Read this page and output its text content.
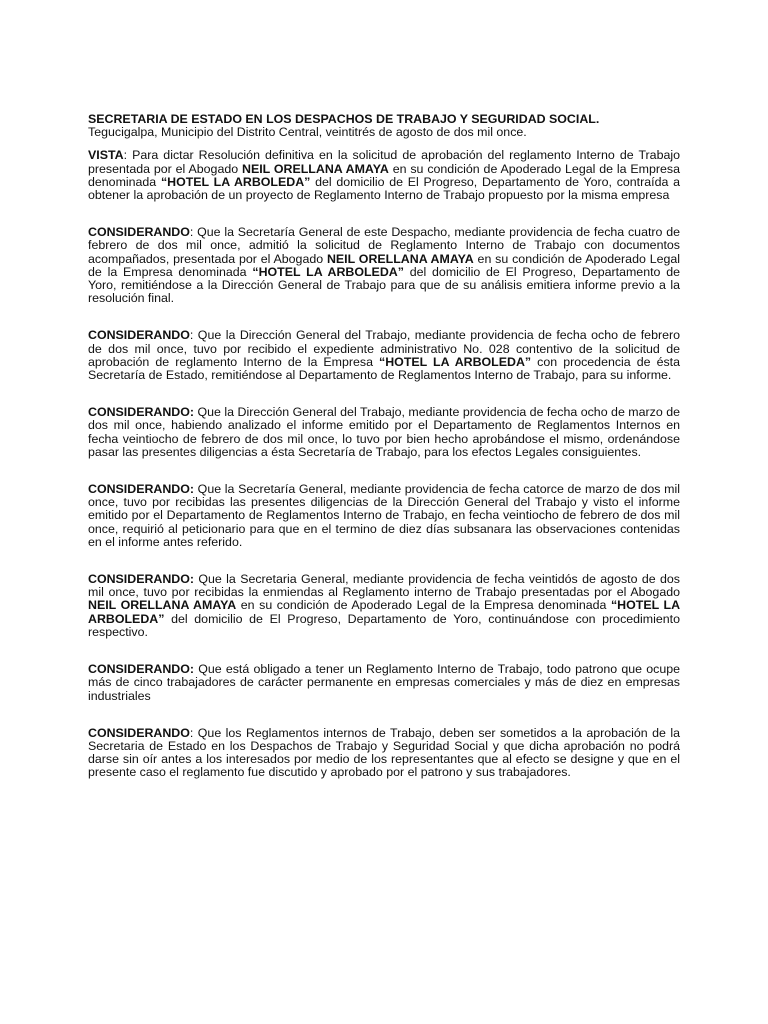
SECRETARIA DE ESTADO EN LOS DESPACHOS DE TRABAJO Y SEGURIDAD SOCIAL.
Tegucigalpa, Municipio del Distrito Central, veintitrés de agosto de dos mil once.

VISTA: Para dictar Resolución definitiva en la solicitud de aprobación del reglamento Interno de Trabajo presentada por el Abogado NEIL ORELLANA AMAYA en su condición de Apoderado Legal de la Empresa denominada “HOTEL LA ARBOLEDA” del domicilio de El Progreso, Departamento de Yoro, contraída a obtener la aprobación de un proyecto de Reglamento Interno de Trabajo propuesto por la misma empresa

CONSIDERANDO: Que la Secretaría General de este Despacho, mediante providencia de fecha cuatro de febrero de dos mil once, admitió la solicitud de Reglamento Interno de Trabajo con documentos acompañados, presentada por el Abogado NEIL ORELLANA AMAYA en su condición de Apoderado Legal de la Empresa denominada “HOTEL LA ARBOLEDA” del domicilio de El Progreso, Departamento de Yoro, remitiéndose a la Dirección General de Trabajo para que de su análisis emitiera informe previo a la resolución final.

CONSIDERANDO: Que la Dirección General del Trabajo, mediante providencia de fecha ocho de febrero de dos mil once, tuvo por recibido el expediente administrativo No. 028 contentivo de la solicitud de aprobación de reglamento Interno de la Empresa “HOTEL LA ARBOLEDA” con procedencia de ésta Secretaría de Estado, remitiéndose al Departamento de Reglamentos Interno de Trabajo, para su informe.

CONSIDERANDO: Que la Dirección General del Trabajo, mediante providencia de fecha ocho de marzo de dos mil once, habiendo analizado el informe emitido por el Departamento de Reglamentos Internos en fecha veintiocho de febrero de dos mil once, lo tuvo por bien hecho aprobándose el mismo, ordenándose pasar las presentes diligencias a ésta Secretaría de Trabajo, para los efectos Legales consiguientes.

CONSIDERANDO: Que la Secretaría General, mediante providencia de fecha catorce de marzo de dos mil once, tuvo por recibidas las presentes diligencias de la Dirección General del Trabajo y visto el informe emitido por el Departamento de Reglamentos Interno de Trabajo, en fecha veintiocho de febrero de dos mil once, requirió al peticionario para que en el termino de diez días subsanara las observaciones contenidas en el informe antes referido.

CONSIDERANDO: Que la Secretaria General, mediante providencia de fecha veintidós de agosto de dos mil once, tuvo por recibidas la enmiendas al Reglamento interno de Trabajo presentadas por el Abogado NEIL ORELLANA AMAYA en su condición de Apoderado Legal de la Empresa denominada “HOTEL LA ARBOLEDA” del domicilio de El Progreso, Departamento de Yoro, continuándose con procedimiento respectivo.

CONSIDERANDO: Que está obligado a tener un Reglamento Interno de Trabajo, todo patrono que ocupe más de cinco trabajadores de carácter permanente en empresas comerciales y más de diez en empresas industriales

CONSIDERANDO: Que los Reglamentos internos de Trabajo, deben ser sometidos a la aprobación de la Secretaria de Estado en los Despachos de Trabajo y Seguridad Social y que dicha aprobación no podrá darse sin oír antes a los interesados por medio de los representantes que al efecto se designe y que en el presente caso el reglamento fue discutido y aprobado por el patrono y sus trabajadores.
